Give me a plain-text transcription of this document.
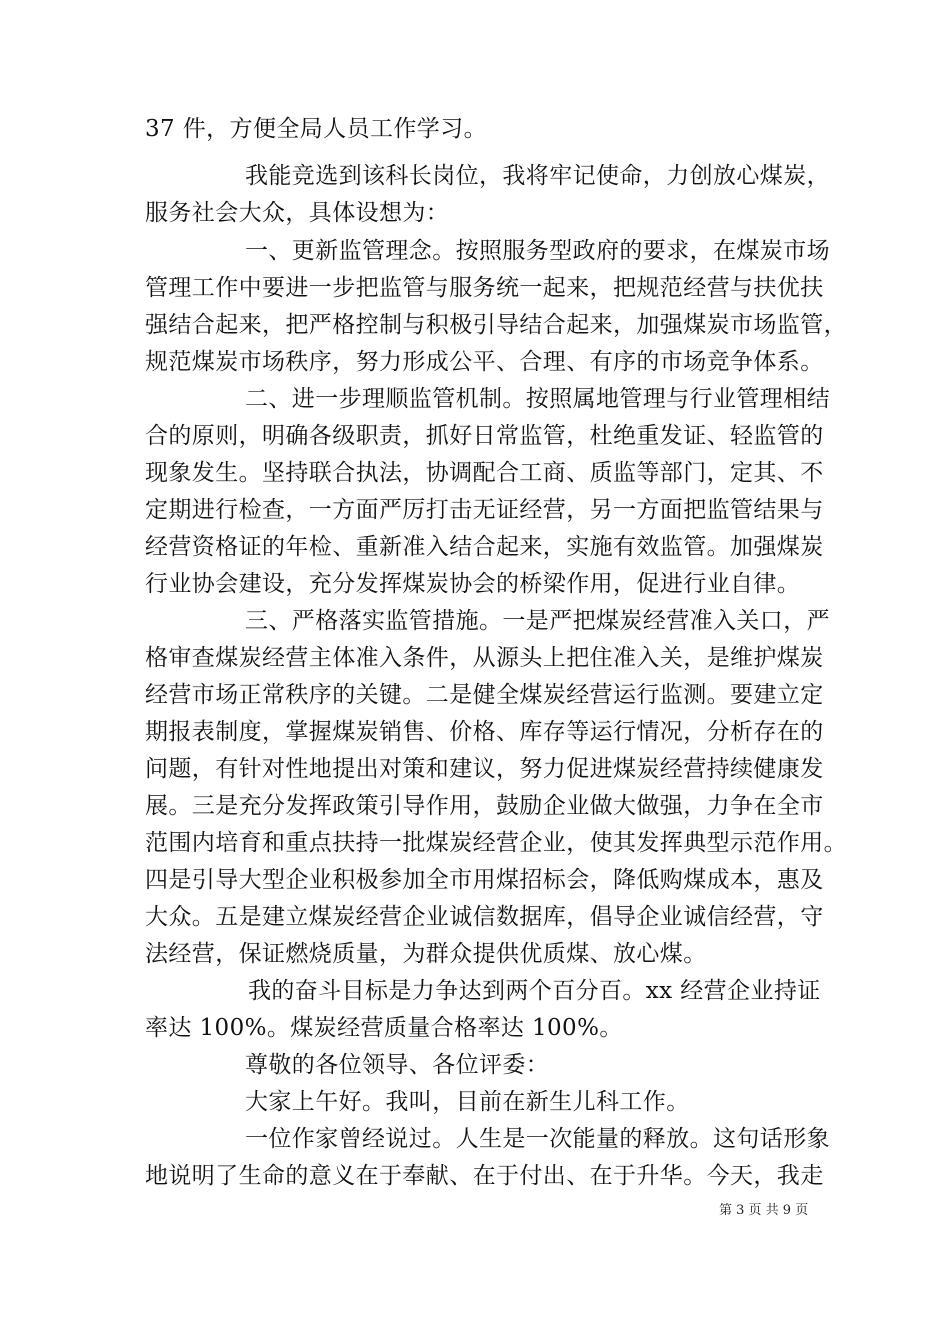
37 件，方便全局人员工作学习。
我能竞选到该科长岗位，我将牢记使命，力创放心煤炭，
服务社会大众，具体设想为：
一、更新监管理念。按照服务型政府的要求，在煤炭市场
管理工作中要进一步把监管与服务统一起来，把规范经营与扶优扶
强结合起来，把严格控制与积极引导结合起来，加强煤炭市场监管，
规范煤炭市场秩序，努力形成公平、合理、有序的市场竞争体系。
二、进一步理顺监管机制。按照属地管理与行业管理相结
合的原则，明确各级职责，抓好日常监管，杜绝重发证、轻监管的
现象发生。坚持联合执法，协调配合工商、质监等部门，定其、不
定期进行检查，一方面严厉打击无证经营，另一方面把监管结果与
经营资格证的年检、重新准入结合起来，实施有效监管。加强煤炭
行业协会建设，充分发挥煤炭协会的桥梁作用，促进行业自律。
三、严格落实监管措施。一是严把煤炭经营准入关口，严
格审查煤炭经营主体准入条件，从源头上把住准入关，是维护煤炭
经营市场正常秩序的关键。二是健全煤炭经营运行监测。要建立定
期报表制度，掌握煤炭销售、价格、库存等运行情况，分析存在的
问题，有针对性地提出对策和建议，努力促进煤炭经营持续健康发
展。三是充分发挥政策引导作用，鼓励企业做大做强，力争在全市
范围内培育和重点扶持一批煤炭经营企业，使其发挥典型示范作用。
四是引导大型企业积极参加全市用煤招标会，降低购煤成本，惠及
大众。五是建立煤炭经营企业诚信数据库，倡导企业诚信经营，守
法经营，保证燃烧质量，为群众提供优质煤、放心煤。
我的奋斗目标是力争达到两个百分百。xx 经营企业持证
率达 100%。煤炭经营质量合格率达 100%。
尊敬的各位领导、各位评委：
大家上午好。我叫，目前在新生儿科工作。
一位作家曾经说过。人生是一次能量的释放。这句话形象
地说明了生命的意义在于奉献、在于付出、在于升华。今天，我走
第 3 页 共 9 页
